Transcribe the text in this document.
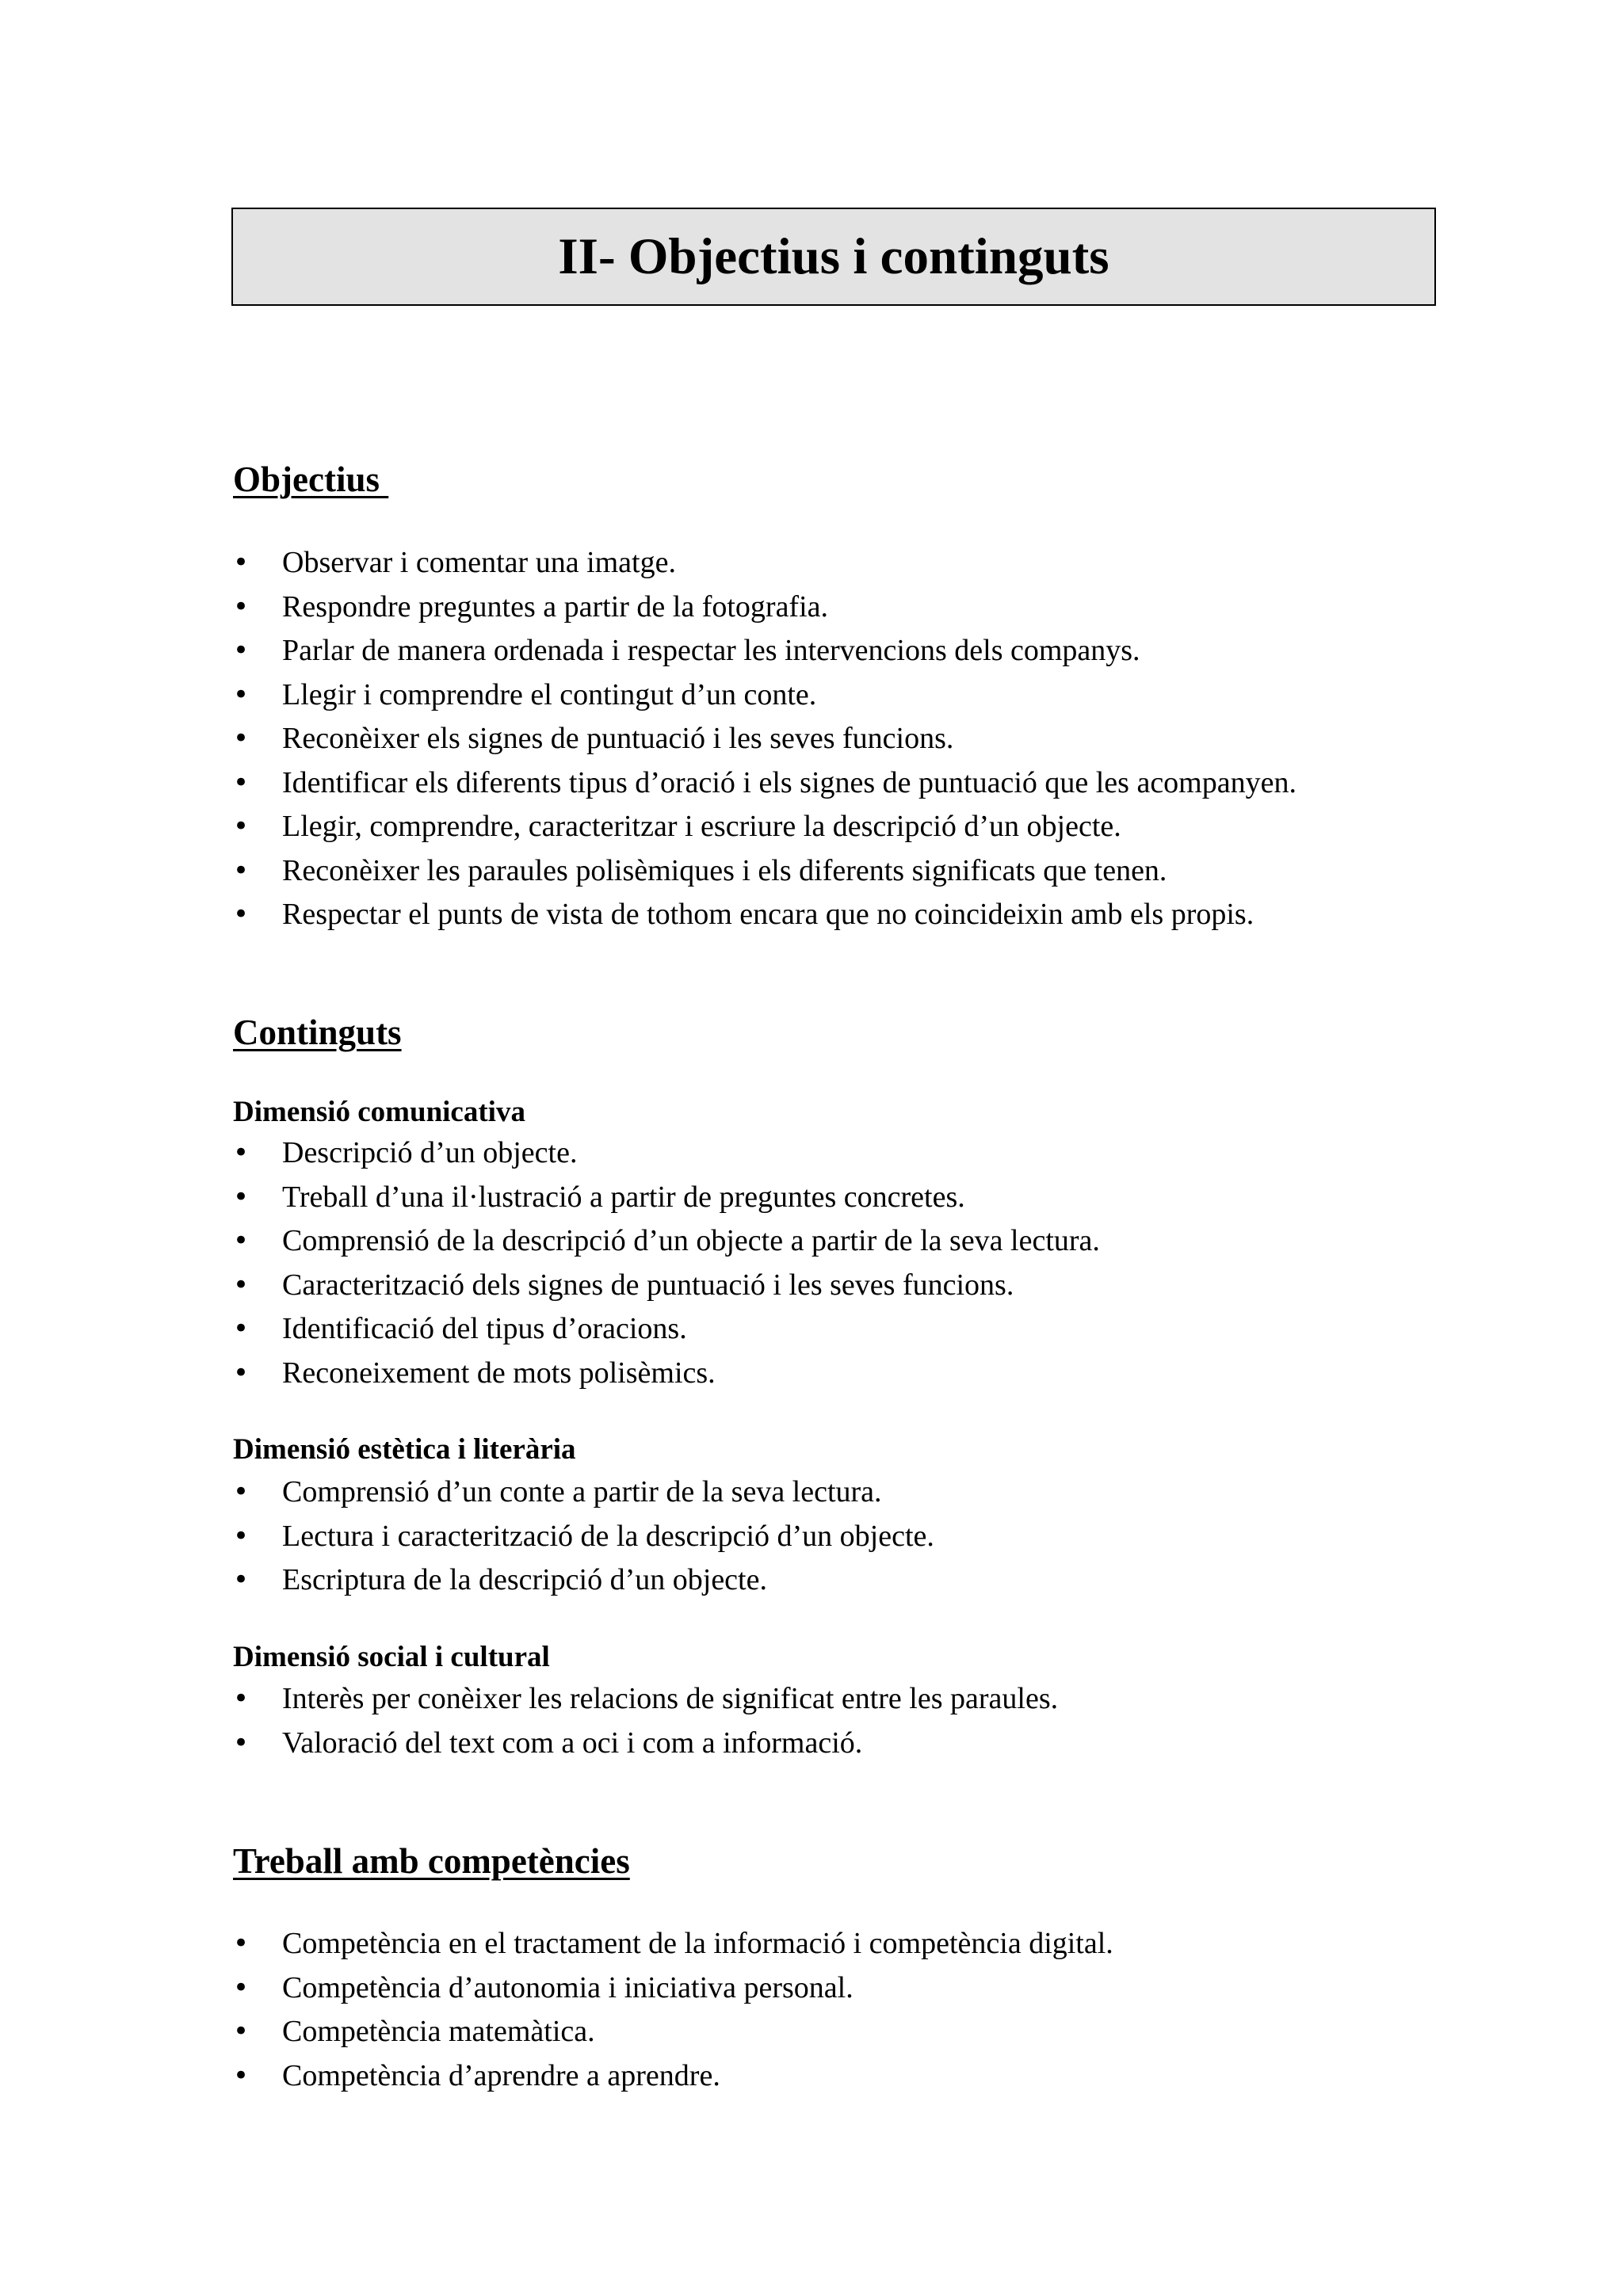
II- Objectius i continguts
Objectius
• Observar i comentar una imatge.
• Respondre preguntes a partir de la fotografia.
• Parlar de manera ordenada i respectar les intervencions dels companys.
• Llegir i comprendre el contingut d’un conte.
• Reconèixer els signes de puntuació i les seves funcions.
• Identificar els diferents tipus d’oració i els signes de puntuació que les acompanyen.
• Llegir, comprendre, caracteritzar i escriure la descripció d’un objecte.
• Reconèixer les paraules polisèmiques i els diferents significats que tenen.
• Respectar el punts de vista de tothom encara que no coincideixin amb els propis.
Continguts
Dimensió comunicativa
• Descripció d’un objecte.
• Treball d’una il·lustració a partir de preguntes concretes.
• Comprensió de la descripció d’un objecte a partir de la seva lectura.
• Caracterització dels signes de puntuació i les seves funcions.
• Identificació del tipus d’oracions.
• Reconeixement de mots polisèmics.
Dimensió estètica i literària
• Comprensió d’un conte a partir de la seva lectura.
• Lectura i caracterització de la descripció d’un objecte.
• Escriptura de la descripció d’un objecte.
Dimensió social i cultural
• Interès per conèixer les relacions de significat entre les paraules.
• Valoració del text com a oci i com a informació.
Treball amb competències
• Competència en el tractament de la informació i competència digital.
• Competència d’autonomia i iniciativa personal.
• Competència matemàtica.
• Competència d’aprendre a aprendre.
